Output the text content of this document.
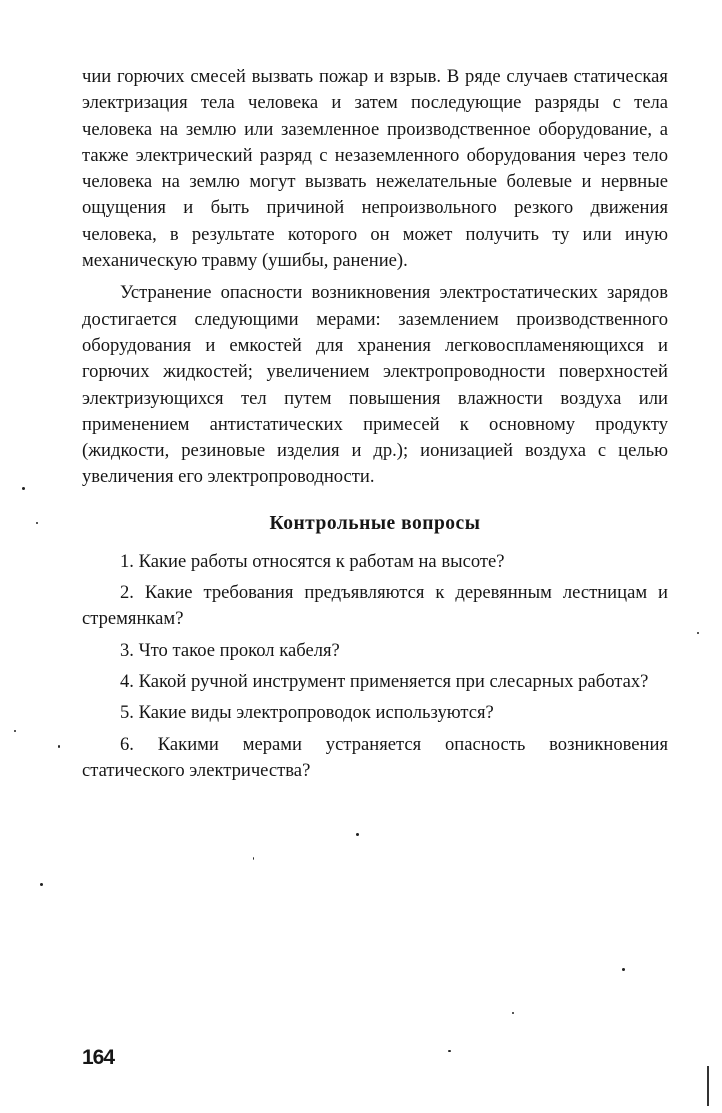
чии горючих смесей вызвать пожар и взрыв. В ряде случаев статическая электризация тела человека и затем последующие разряды с тела человека на землю или заземленное производственное оборудование, а также электрический разряд с незаземленного оборудования через тело человека на землю могут вызвать нежелательные болевые и нервные ощущения и быть причиной непроизвольного резкого движения человека, в результате которого он может получить ту или иную механическую травму (ушибы, ранение).

Устранение опасности возникновения электростатических зарядов достигается следующими мерами: заземлением производственного оборудования и емкостей для хранения легковоспламеняющихся и горючих жидкостей; увеличением электропроводности поверхностей электризующихся тел путем повышения влажности воздуха или применением антистатических примесей к основному продукту (жидкости, резиновые изделия и др.); ионизацией воздуха с целью увеличения его электропроводности.

Контрольные вопросы
1. Какие работы относятся к работам на высоте?
2. Какие требования предъявляются к деревянным лестницам и стремянкам?
3. Что такое прокол кабеля?
4. Какой ручной инструмент применяется при слесарных работах?
5. Какие виды электропроводок используются?
6. Какими мерами устраняется опасность возникновения статического электричества?
164
